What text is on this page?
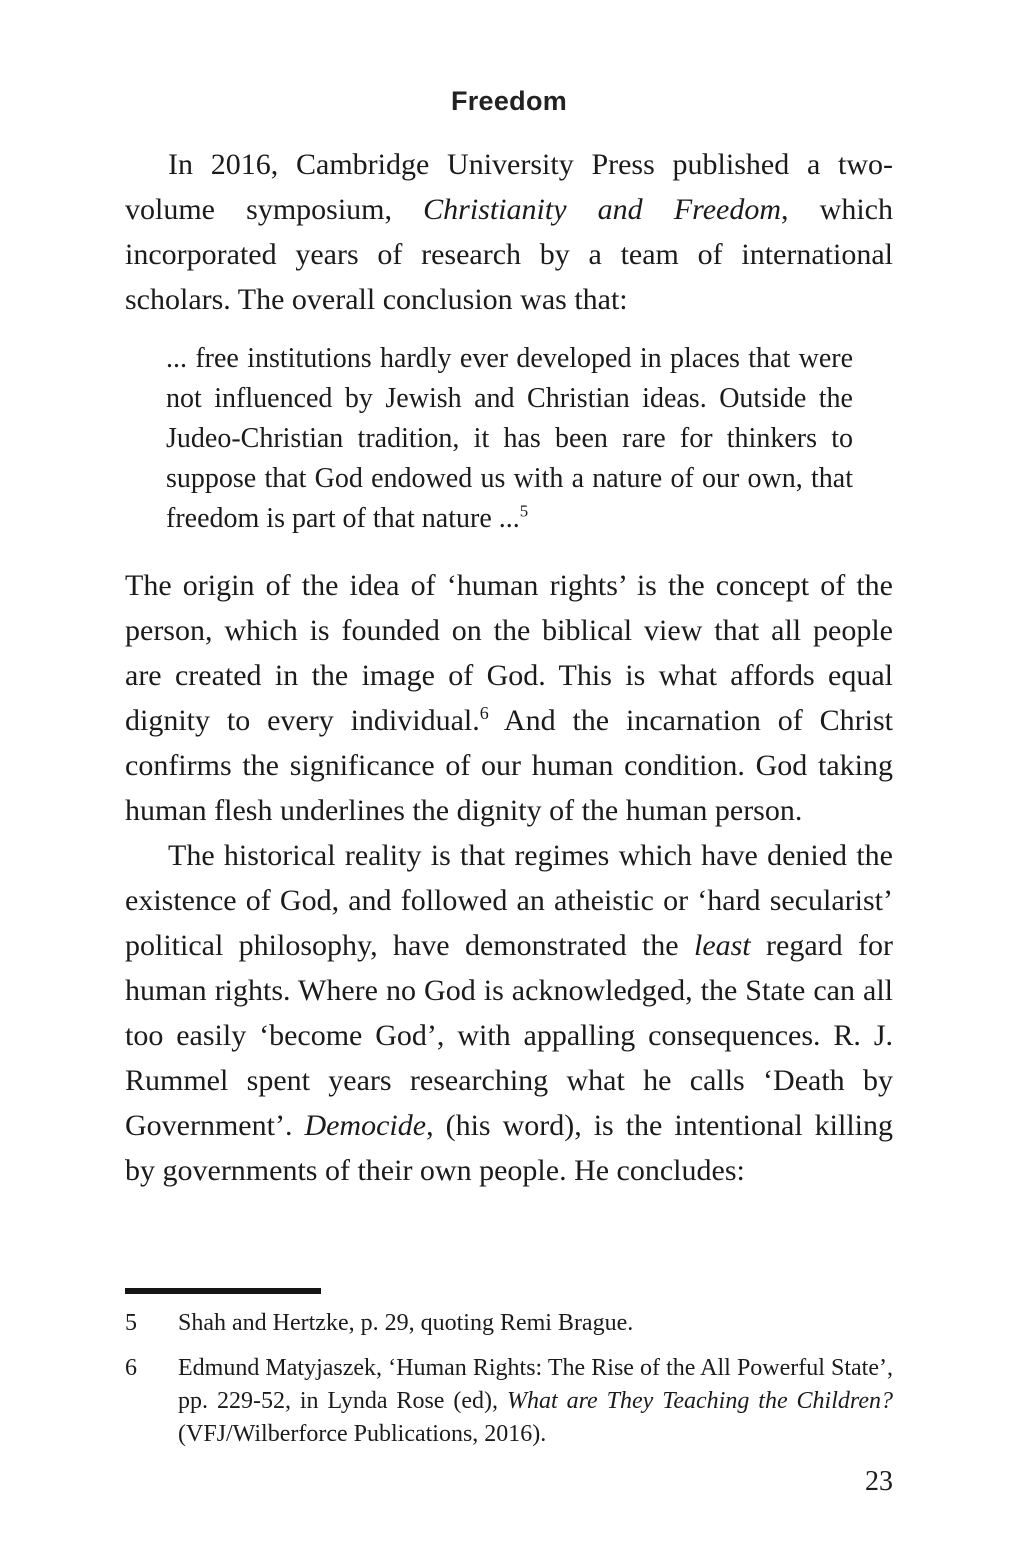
Freedom

In 2016, Cambridge University Press published a two-volume symposium, Christianity and Freedom, which incorporated years of research by a team of international scholars. The overall conclusion was that:

... free institutions hardly ever developed in places that were not influenced by Jewish and Christian ideas. Outside the Judeo-Christian tradition, it has been rare for thinkers to suppose that God endowed us with a nature of our own, that freedom is part of that nature ...$^5$

The origin of the idea of ‘human rights’ is the concept of the person, which is founded on the biblical view that all people are created in the image of God. This is what affords equal dignity to every individual.$^6$ And the incarnation of Christ confirms the significance of our human condition. God taking human flesh underlines the dignity of the human person.

The historical reality is that regimes which have denied the existence of God, and followed an atheistic or ‘hard secularist’ political philosophy, have demonstrated the least regard for human rights. Where no God is acknowledged, the State can all too easily ‘become God’, with appalling consequences. R. J. Rummel spent years researching what he calls ‘Death by Government’. Democide, (his word), is the intentional killing by governments of their own people. He concludes:

5 Shah and Hertzke, p. 29, quoting Remi Brague.
6 Edmund Matyjaszek, ‘Human Rights: The Rise of the All Powerful State’, pp. 229-52, in Lynda Rose (ed), What are They Teaching the Children? (VFJ/Wilberforce Publications, 2016).
23
